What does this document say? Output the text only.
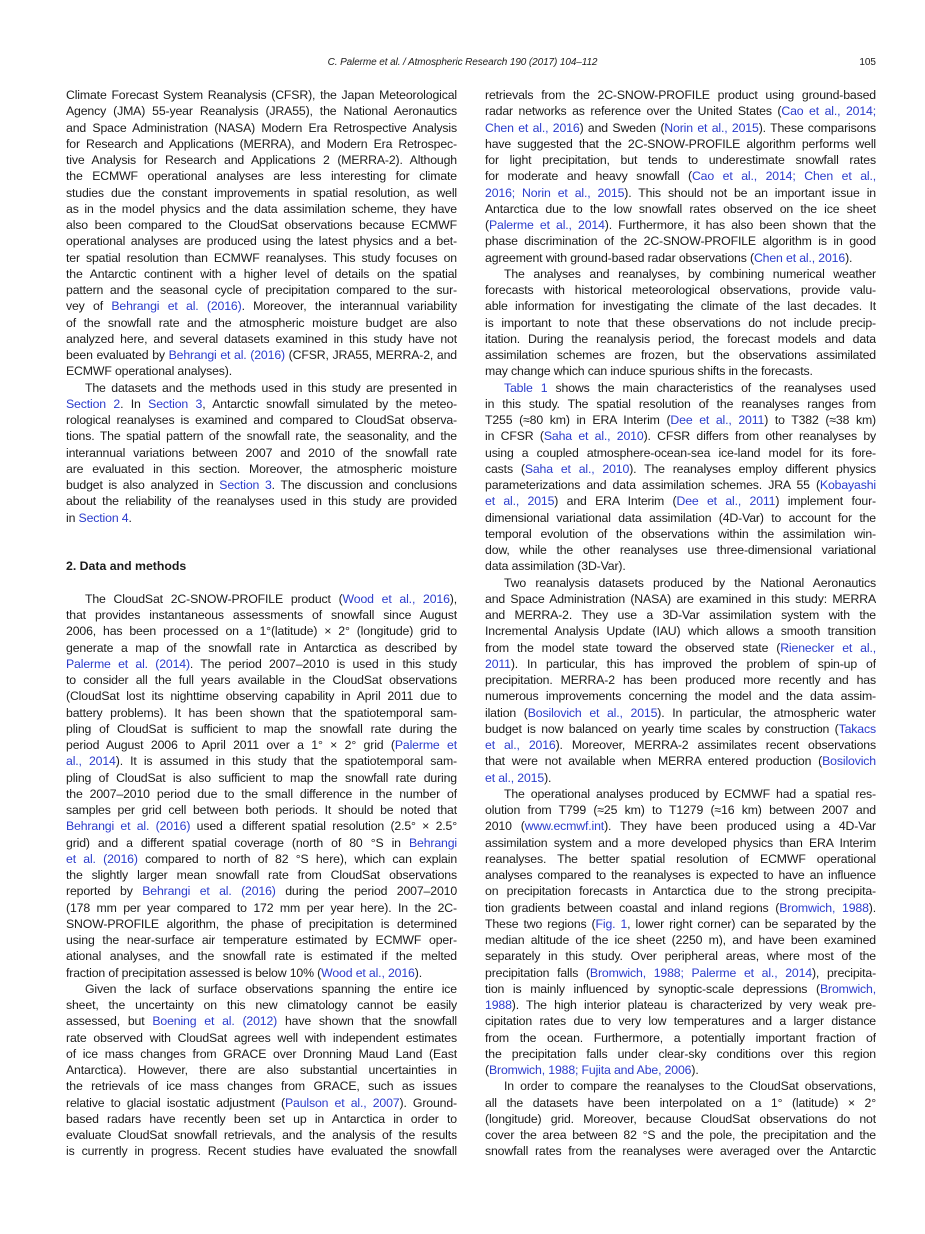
C. Palerme et al. / Atmospheric Research 190 (2017) 104–112	105
Climate Forecast System Reanalysis (CFSR), the Japan Meteorological
Agency (JMA) 55-year Reanalysis (JRA55), the National Aeronautics
and Space Administration (NASA) Modern Era Retrospective Analysis
for Research and Applications (MERRA), and Modern Era Retrospec-
tive Analysis for Research and Applications 2 (MERRA-2). Although
the ECMWF operational analyses are less interesting for climate
studies due the constant improvements in spatial resolution, as well
as in the model physics and the data assimilation scheme, they have
also been compared to the CloudSat observations because ECMWF
operational analyses are produced using the latest physics and a bet-
ter spatial resolution than ECMWF reanalyses. This study focuses on
the Antarctic continent with a higher level of details on the spatial
pattern and the seasonal cycle of precipitation compared to the sur-
vey of Behrangi et al. (2016). Moreover, the interannual variability
of the snowfall rate and the atmospheric moisture budget are also
analyzed here, and several datasets examined in this study have not
been evaluated by Behrangi et al. (2016) (CFSR, JRA55, MERRA-2, and
ECMWF operational analyses).
The datasets and the methods used in this study are presented in
Section 2. In Section 3, Antarctic snowfall simulated by the meteo-
rological reanalyses is examined and compared to CloudSat observa-
tions. The spatial pattern of the snowfall rate, the seasonality, and the
interannual variations between 2007 and 2010 of the snowfall rate
are evaluated in this section. Moreover, the atmospheric moisture
budget is also analyzed in Section 3. The discussion and conclusions
about the reliability of the reanalyses used in this study are provided
in Section 4.
2. Data and methods
The CloudSat 2C-SNOW-PROFILE product (Wood et al., 2016),
that provides instantaneous assessments of snowfall since August
2006, has been processed on a 1°(latitude) × 2° (longitude) grid to
generate a map of the snowfall rate in Antarctica as described by
Palerme et al. (2014). The period 2007–2010 is used in this study
to consider all the full years available in the CloudSat observations
(CloudSat lost its nighttime observing capability in April 2011 due to
battery problems). It has been shown that the spatiotemporal sam-
pling of CloudSat is sufficient to map the snowfall rate during the
period August 2006 to April 2011 over a 1° × 2° grid (Palerme et
al., 2014). It is assumed in this study that the spatiotemporal sam-
pling of CloudSat is also sufficient to map the snowfall rate during
the 2007–2010 period due to the small difference in the number of
samples per grid cell between both periods. It should be noted that
Behrangi et al. (2016) used a different spatial resolution (2.5° × 2.5°
grid) and a different spatial coverage (north of 80 °S in Behrangi
et al. (2016) compared to north of 82 °S here), which can explain
the slightly larger mean snowfall rate from CloudSat observations
reported by Behrangi et al. (2016) during the period 2007–2010
(178 mm per year compared to 172 mm per year here). In the 2C-
SNOW-PROFILE algorithm, the phase of precipitation is determined
using the near-surface air temperature estimated by ECMWF oper-
ational analyses, and the snowfall rate is estimated if the melted
fraction of precipitation assessed is below 10% (Wood et al., 2016).
Given the lack of surface observations spanning the entire ice
sheet, the uncertainty on this new climatology cannot be easily
assessed, but Boening et al. (2012) have shown that the snowfall
rate observed with CloudSat agrees well with independent estimates
of ice mass changes from GRACE over Dronning Maud Land (East
Antarctica). However, there are also substantial uncertainties in
the retrievals of ice mass changes from GRACE, such as issues
relative to glacial isostatic adjustment (Paulson et al., 2007). Ground-
based radars have recently been set up in Antarctica in order to
evaluate CloudSat snowfall retrievals, and the analysis of the results
is currently in progress. Recent studies have evaluated the snowfall
retrievals from the 2C-SNOW-PROFILE product using ground-based
radar networks as reference over the United States (Cao et al., 2014;
Chen et al., 2016) and Sweden (Norin et al., 2015). These comparisons
have suggested that the 2C-SNOW-PROFILE algorithm performs well
for light precipitation, but tends to underestimate snowfall rates
for moderate and heavy snowfall (Cao et al., 2014; Chen et al.,
2016; Norin et al., 2015). This should not be an important issue in
Antarctica due to the low snowfall rates observed on the ice sheet
(Palerme et al., 2014). Furthermore, it has also been shown that the
phase discrimination of the 2C-SNOW-PROFILE algorithm is in good
agreement with ground-based radar observations (Chen et al., 2016).
The analyses and reanalyses, by combining numerical weather
forecasts with historical meteorological observations, provide valu-
able information for investigating the climate of the last decades. It
is important to note that these observations do not include precip-
itation. During the reanalysis period, the forecast models and data
assimilation schemes are frozen, but the observations assimilated
may change which can induce spurious shifts in the forecasts.
Table 1 shows the main characteristics of the reanalyses used
in this study. The spatial resolution of the reanalyses ranges from
T255 (≈80 km) in ERA Interim (Dee et al., 2011) to T382 (≈38 km)
in CFSR (Saha et al., 2010). CFSR differs from other reanalyses by
using a coupled atmosphere-ocean-sea ice-land model for its fore-
casts (Saha et al., 2010). The reanalyses employ different physics
parameterizations and data assimilation schemes. JRA 55 (Kobayashi
et al., 2015) and ERA Interim (Dee et al., 2011) implement four-
dimensional variational data assimilation (4D-Var) to account for the
temporal evolution of the observations within the assimilation win-
dow, while the other reanalyses use three-dimensional variational
data assimilation (3D-Var).
Two reanalysis datasets produced by the National Aeronautics
and Space Administration (NASA) are examined in this study: MERRA
and MERRA-2. They use a 3D-Var assimilation system with the
Incremental Analysis Update (IAU) which allows a smooth transition
from the model state toward the observed state (Rienecker et al.,
2011). In particular, this has improved the problem of spin-up of
precipitation. MERRA-2 has been produced more recently and has
numerous improvements concerning the model and the data assim-
ilation (Bosilovich et al., 2015). In particular, the atmospheric water
budget is now balanced on yearly time scales by construction (Takacs
et al., 2016). Moreover, MERRA-2 assimilates recent observations
that were not available when MERRA entered production (Bosilovich
et al., 2015).
The operational analyses produced by ECMWF had a spatial res-
olution from T799 (≈25 km) to T1279 (≈16 km) between 2007 and
2010 (www.ecmwf.int). They have been produced using a 4D-Var
assimilation system and a more developed physics than ERA Interim
reanalyses. The better spatial resolution of ECMWF operational
analyses compared to the reanalyses is expected to have an influence
on precipitation forecasts in Antarctica due to the strong precipita-
tion gradients between coastal and inland regions (Bromwich, 1988).
These two regions (Fig. 1, lower right corner) can be separated by the
median altitude of the ice sheet (2250 m), and have been examined
separately in this study. Over peripheral areas, where most of the
precipitation falls (Bromwich, 1988; Palerme et al., 2014), precipita-
tion is mainly influenced by synoptic-scale depressions (Bromwich,
1988). The high interior plateau is characterized by very weak pre-
cipitation rates due to very low temperatures and a larger distance
from the ocean. Furthermore, a potentially important fraction of
the precipitation falls under clear-sky conditions over this region
(Bromwich, 1988; Fujita and Abe, 2006).
In order to compare the reanalyses to the CloudSat observations,
all the datasets have been interpolated on a 1° (latitude) × 2°
(longitude) grid. Moreover, because CloudSat observations do not
cover the area between 82 °S and the pole, the precipitation and the
snowfall rates from the reanalyses were averaged over the Antarctic
